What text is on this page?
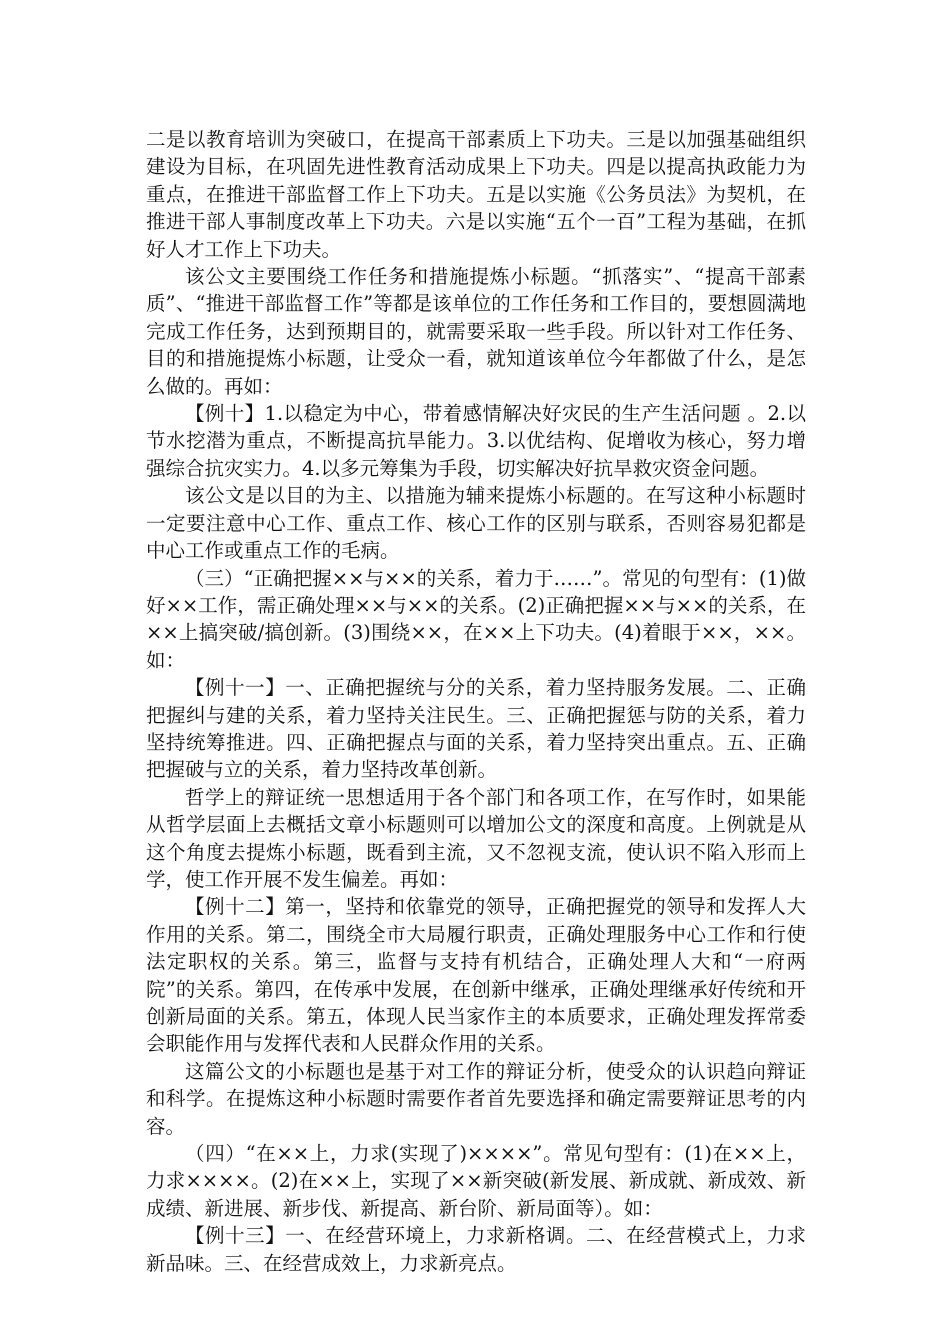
二是以教育培训为突破口，在提高干部素质上下功夫。三是以加强基础组织建设为目标，在巩固先进性教育活动成果上下功夫。四是以提高执政能力为重点，在推进干部监督工作上下功夫。五是以实施《公务员法》为契机，在推进干部人事制度改革上下功夫。六是以实施“五个一百”工程为基础，在抓好人才工作上下功夫。

该公文主要围绕工作任务和措施提炼小标题。“抓落实”、“提高干部素质”、“推进干部监督工作”等都是该单位的工作任务和工作目的，要想圆满地完成工作任务，达到预期目的，就需要采取一些手段。所以针对工作任务、目的和措施提炼小标题，让受众一看，就知道该单位今年都做了什么，是怎么做的。再如：

【例十】1.以稳定为中心，带着感情解决好灾民的生产生活问题 。2.以节水挖潜为重点，不断提高抗旱能力。3.以优结构、促增收为核心，努力增强综合抗灾实力。4.以多元筹集为手段，切实解决好抗旱救灾资金问题。

该公文是以目的为主、以措施为辅来提炼小标题的。在写这种小标题时一定要注意中心工作、重点工作、核心工作的区别与联系，否则容易犯都是中心工作或重点工作的毛病。

（三）“正确把握××与××的关系，着力于……”。常见的句型有：(1)做好××工作，需正确处理××与××的关系。(2)正确把握××与××的关系，在××上搞突破/搞创新。(3)围绕××，在××上下功夫。(4)着眼于××，××。如：

【例十一】一、正确把握统与分的关系，着力坚持服务发展。二、正确把握纠与建的关系，着力坚持关注民生。三、正确把握惩与防的关系，着力坚持统筹推进。四、正确把握点与面的关系，着力坚持突出重点。五、正确把握破与立的关系，着力坚持改革创新。

哲学上的辩证统一思想适用于各个部门和各项工作，在写作时，如果能从哲学层面上去概括文章小标题则可以增加公文的深度和高度。上例就是从这个角度去提炼小标题，既看到主流，又不忽视支流，使认识不陷入形而上学，使工作开展不发生偏差。再如：

【例十二】第一，坚持和依靠党的领导，正确把握党的领导和发挥人大作用的关系。第二，围绕全市大局履行职责，正确处理服务中心工作和行使法定职权的关系。第三，监督与支持有机结合，正确处理人大和“一府两院”的关系。第四，在传承中发展，在创新中继承，正确处理继承好传统和开创新局面的关系。第五，体现人民当家作主的本质要求，正确处理发挥常委会职能作用与发挥代表和人民群众作用的关系。

这篇公文的小标题也是基于对工作的辩证分析，使受众的认识趋向辩证和科学。在提炼这种小标题时需要作者首先要选择和确定需要辩证思考的内容。

（四）“在××上，力求(实现了)××××”。常见句型有：(1)在××上，力求××××。(2)在××上，实现了××新突破(新发展、新成就、新成效、新成绩、新进展、新步伐、新提高、新台阶、新局面等）。如：

【例十三】一、在经营环境上，力求新格调。二、在经营模式上，力求新品味。三、在经营成效上，力求新亮点。
